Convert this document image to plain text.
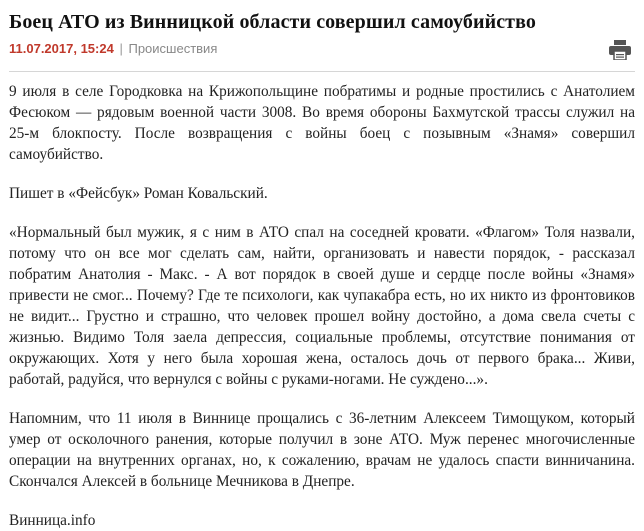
Боец АТО из Винницкой области совершил самоубийство
11.07.2017, 15:24 | Происшествия

9 июля в селе Городковка на Крижопольщине побратимы и родные простились с Анатолием Фесюком — рядовым военной части 3008. Во время обороны Бахмутской трассы служил на 25-м блокпосту. После возвращения с войны боец с позывным «Знамя» совершил самоубийство.

Пишет в «Фейсбук» Роман Ковальский.

«Нормальный был мужик, я с ним в АТО спал на соседней кровати. «Флагом» Толя назвали, потому что он все мог сделать сам, найти, организовать и навести порядок, - рассказал побратим Анатолия - Макс. - А вот порядок в своей душе и сердце после войны «Знамя» привести не смог... Почему? Где те психологи, как чупакабра есть, но их никто из фронтовиков не видит... Грустно и страшно, что человек прошел войну достойно, а дома свела счеты с жизнью. Видимо Толя заела депрессия, социальные проблемы, отсутствие понимания от окружающих. Хотя у него была хорошая жена, осталось дочь от первого брака... Живи, работай, радуйся, что вернулся с войны с руками-ногами. Не суждено...».

Напомним, что 11 июля в Виннице прощались с 36-летним Алексеем Тимощуком, который умер от осколочного ранения, которые получил в зоне АТО. Муж перенес многочисленные операции на внутренних органах, но, к сожалению, врачам не удалось спасти винничанина. Скончался Алексей в больнице Мечникова в Днепре.

Винница.info
